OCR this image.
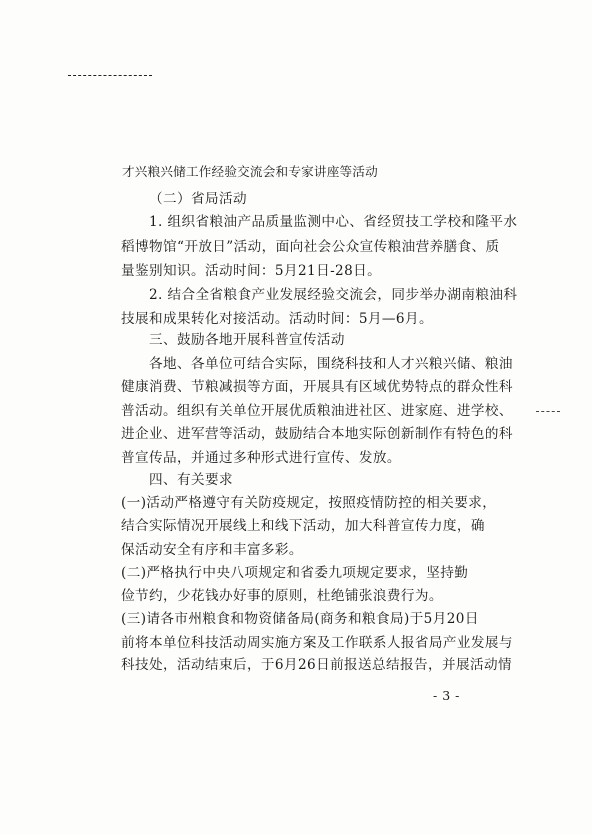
才兴粮兴储工作经验交流会和专家讲座等活动
（二）省局活动
1. 组织省粮油产品质量监测中心、省经贸技工学校和隆平水
稻博物馆“开放日”活动，面向社会公众宣传粮油营养膳食、质
量鉴别知识。活动时间：5月21日-28日。
2. 结合全省粮食产业发展经验交流会，同步举办湖南粮油科
技展和成果转化对接活动。活动时间：5月—6月。
三、鼓励各地开展科普宣传活动
各地、各单位可结合实际，围绕科技和人才兴粮兴储、粮油
健康消费、节粮减损等方面，开展具有区域优势特点的群众性科
普活动。组织有关单位开展优质粮油进社区、进家庭、进学校、
进企业、进军营等活动，鼓励结合本地实际创新制作有特色的科
普宣传品，并通过多种形式进行宣传、发放。
四、有关要求
(一)活动严格遵守有关防疫规定，按照疫情防控的相关要求，
结合实际情况开展线上和线下活动，加大科普宣传力度，确
保活动安全有序和丰富多彩。
(二)严格执行中央八项规定和省委九项规定要求，坚持勤
俭节约，少花钱办好事的原则，杜绝铺张浪费行为。
(三)请各市州粮食和物资储备局(商务和粮食局)于5月20日
前将本单位科技活动周实施方案及工作联系人报省局产业发展与
科技处，活动结束后，于6月26日前报送总结报告，并展活动情
- 3 -
